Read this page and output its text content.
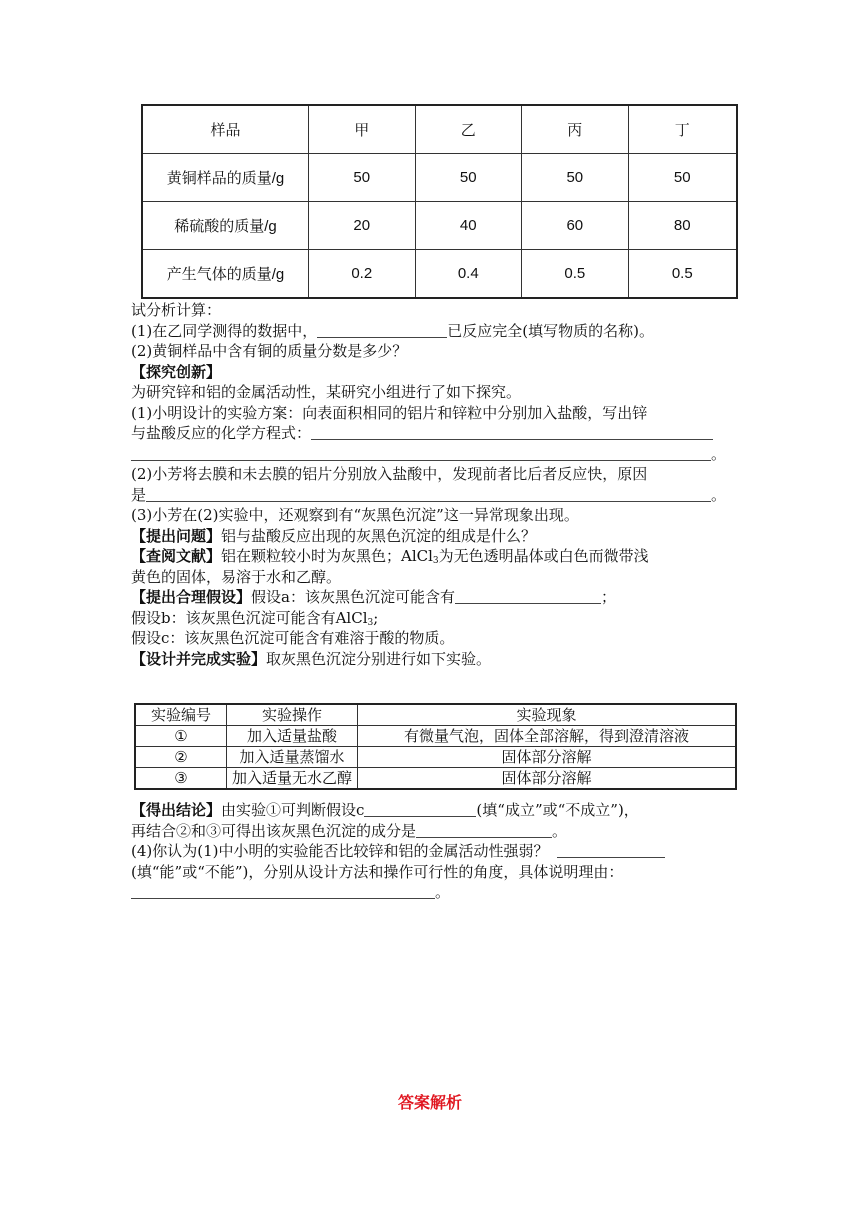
样品	甲	乙	丙	丁
黄铜样品的质量/g	50	50	50	50
稀硫酸的质量/g	20	40	60	80
产生气体的质量/g	0.2	0.4	0.5	0.5
试分析计算：
(1)在乙同学测得的数据中，	已反应完全(填写物质的名称)。
(2)黄铜样品中含有铜的质量分数是多少？
【探究创新】
为研究锌和铝的金属活动性，某研究小组进行了如下探究。
(1)小明设计的实验方案：向表面积相同的铝片和锌粒中分别加入盐酸，写出锌
与盐酸反应的化学方程式：
。
(2)小芳将去膜和未去膜的铝片分别放入盐酸中，发现前者比后者反应快，原因
是	。
(3)小芳在(2)实验中，还观察到有“灰黑色沉淀”这一异常现象出现。
【提出问题】铝与盐酸反应出现的灰黑色沉淀的组成是什么？
【查阅文献】铝在颗粒较小时为灰黑色；AlCl$_3$为无色透明晶体或白色而微带浅
黄色的固体，易溶于水和乙醇。
【提出合理假设】假设a：该灰黑色沉淀可能含有	；
假设b：该灰黑色沉淀可能含有AlCl$_3$;
假设c：该灰黑色沉淀可能含有难溶于酸的物质。
【设计并完成实验】取灰黑色沉淀分别进行如下实验。
实验编号	实验操作	实验现象
①	加入适量盐酸	有微量气泡，固体全部溶解，得到澄清溶液
②	加入适量蒸馏水	固体部分溶解
③	加入适量无水乙醇	固体部分溶解
【得出结论】由实验①可判断假设c	(填“成立”或“不成立”)，
再结合②和③可得出该灰黑色沉淀的成分是	。
(4)你认为(1)中小明的实验能否比较锌和铝的金属活动性强弱？
(填“能”或“不能”)，分别从设计方法和操作可行性的角度，具体说明理由：
。
答案解析
